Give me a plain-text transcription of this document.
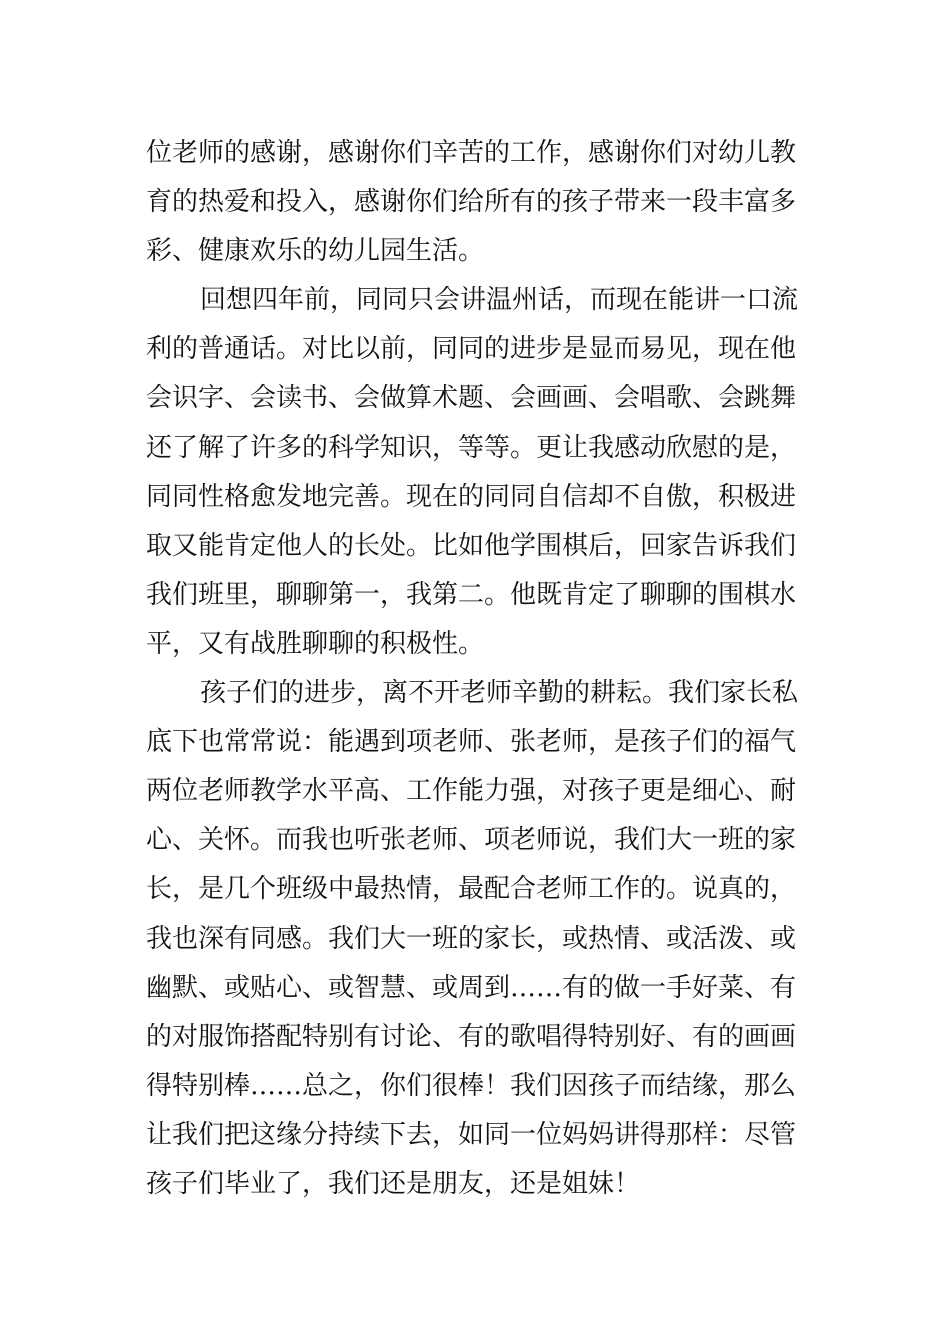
位老师的感谢，感谢你们辛苦的工作，感谢你们对幼儿教
育的热爱和投入，感谢你们给所有的孩子带来一段丰富多
彩、健康欢乐的幼儿园生活。
回想四年前，同同只会讲温州话，而现在能讲一口流
利的普通话。对比以前，同同的进步是显而易见，现在他
会识字、会读书、会做算术题、会画画、会唱歌、会跳舞
还了解了许多的科学知识，等等。更让我感动欣慰的是，
同同性格愈发地完善。现在的同同自信却不自傲，积极进
取又能肯定他人的长处。比如他学围棋后，回家告诉我们
我们班里，聊聊第一，我第二。他既肯定了聊聊的围棋水
平，又有战胜聊聊的积极性。
孩子们的进步，离不开老师辛勤的耕耘。我们家长私
底下也常常说：能遇到项老师、张老师，是孩子们的福气
两位老师教学水平高、工作能力强，对孩子更是细心、耐
心、关怀。而我也听张老师、项老师说，我们大一班的家
长，是几个班级中最热情，最配合老师工作的。说真的，
我也深有同感。我们大一班的家长，或热情、或活泼、或
幽默、或贴心、或智慧、或周到……有的做一手好菜、有
的对服饰搭配特别有讨论、有的歌唱得特别好、有的画画
得特别棒……总之，你们很棒！我们因孩子而结缘，那么
让我们把这缘分持续下去，如同一位妈妈讲得那样：尽管
孩子们毕业了，我们还是朋友，还是姐妹！
